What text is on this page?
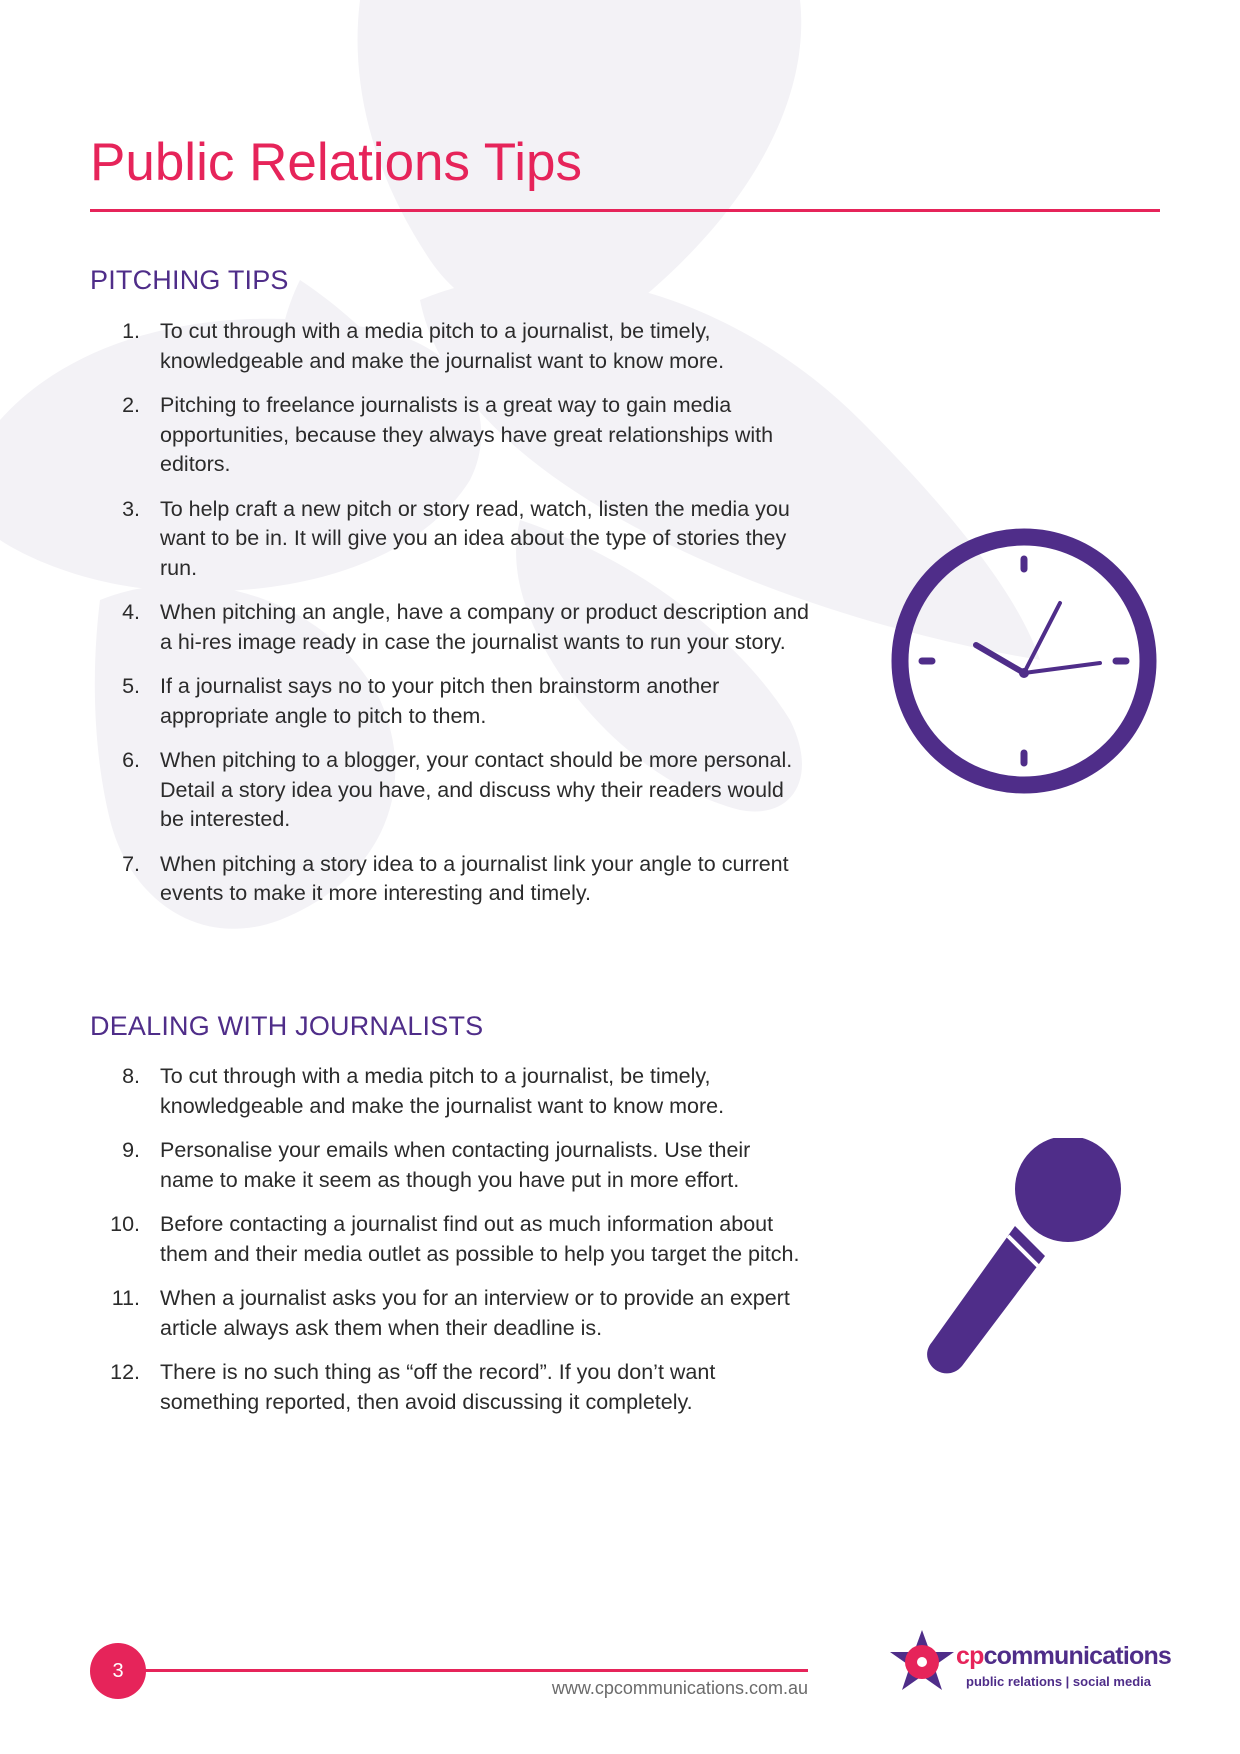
Public Relations Tips
PITCHING TIPS
1. To cut through with a media pitch to a journalist, be timely, knowledgeable and make the journalist want to know more.
2. Pitching to freelance journalists is a great way to gain media opportunities, because they always have great relationships with editors.
3. To help craft a new pitch or story read, watch, listen the media you want to be in. It will give you an idea about the type of stories they run.
4. When pitching an angle, have a company or product description and a hi-res image ready in case the journalist wants to run your story.
5. If a journalist says no to your pitch then brainstorm another appropriate angle to pitch to them.
6. When pitching to a blogger, your contact should be more personal. Detail a story idea you have, and discuss why their readers would be interested.
7. When pitching a story idea to a journalist link your angle to current events to make it more interesting and timely.
DEALING WITH JOURNALISTS
8. To cut through with a media pitch to a journalist, be timely, knowledgeable and make the journalist want to know more.
9. Personalise your emails when contacting journalists. Use their name to make it seem as though you have put in more effort.
10. Before contacting a journalist find out as much information about them and their media outlet as possible to help you target the pitch.
11. When a journalist asks you for an interview or to provide an expert article always ask them when their deadline is.
12. There is no such thing as “off the record”. If you don’t want something reported, then avoid discussing it completely.
3
www.cpcommunications.com.au
cpcommunications
public relations | social media
